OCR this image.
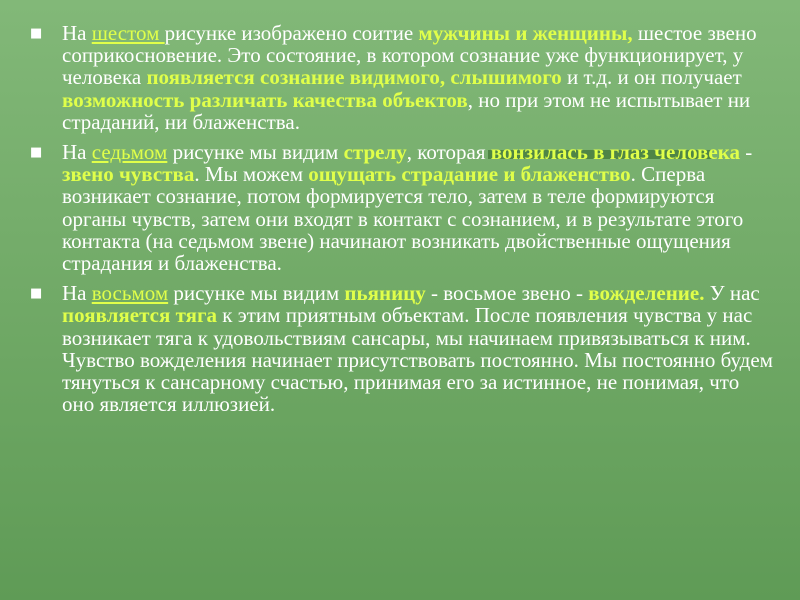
■ На шестом рисунке изображено соитие мужчины и женщины, шестое звено соприкосновение. Это состояние, в котором сознание уже функционирует, у человека появляется сознание видимого, слышимого и т.д. и он получает возможность различать качества объектов, но при этом не испытывает ни страданий, ни блаженства.
■ На седьмом рисунке мы видим стрелу, которая вонзилась в глаз человека - звено чувства. Мы можем ощущать страдание и блаженство. Сперва возникает сознание, потом формируется тело, затем в теле формируются органы чувств, затем они входят в контакт с сознанием, и в результате этого контакта (на седьмом звене) начинают возникать двойственные ощущения страдания и блаженства.
■ На восьмом рисунке мы видим пьяницу - восьмое звено - вожделение. У нас появляется тяга к этим приятным объектам. После появления чувства у нас возникает тяга к удовольствиям сансары, мы начинаем привязываться к ним. Чувство вожделения начинает присутствовать постоянно. Мы постоянно будем тянуться к сансарному счастью, принимая его за истинное, не понимая, что оно является иллюзией.
